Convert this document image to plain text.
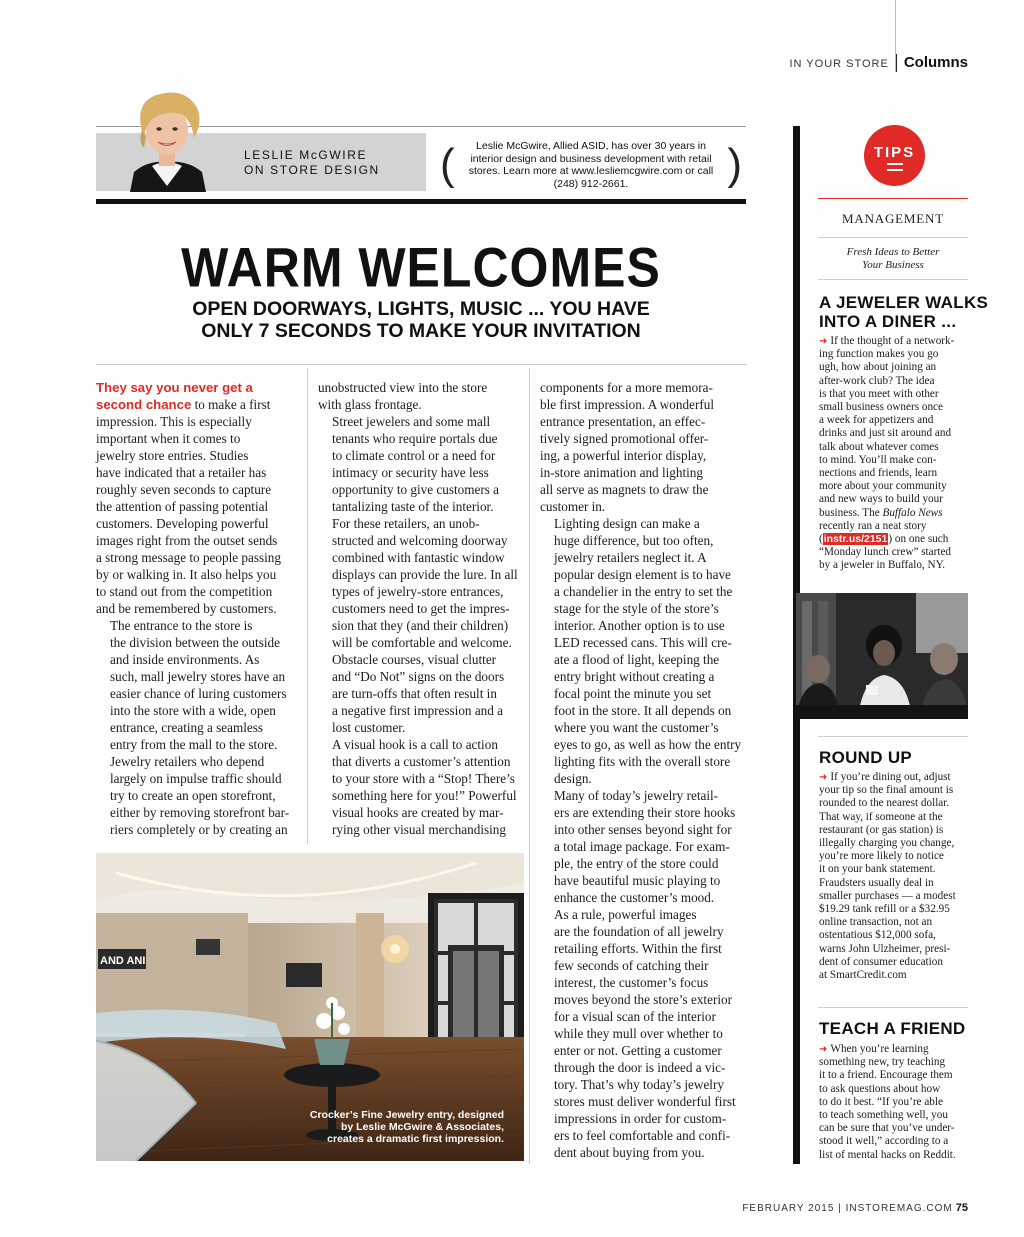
IN YOUR STORE Columns
LESLIE McGWIRE
ON STORE DESIGN (	Leslie McGwire, Allied ASID, has over 30 years in interior design and business development with retail stores. Learn more at www.lesliemcgwire.com or call (248) 912-2661.	)
WARM WELCOMES
OPEN DOORWAYS, LIGHTS, MUSIC ... YOU HAVE
ONLY 7 SECONDS TO MAKE YOUR INVITATION

They say you never get a
second chance to make a first
impression. This is especially
important when it comes to
jewelry store entries. Studies
have indicated that a retailer has
roughly seven seconds to capture
the attention of passing potential
customers. Developing powerful
images right from the outset sends
a strong message to people passing
by or walking in. It also helps you
to stand out from the competition
and be remembered by customers.

The entrance to the store is
the division between the outside
and inside environments. As
such, mall jewelry stores have an
easier chance of luring customers
into the store with a wide, open
entrance, creating a seamless
entry from the mall to the store.
Jewelry retailers who depend
largely on impulse traffic should
try to create an open storefront,
either by removing storefront bar-
riers completely or by creating an

unobstructed view into the store
with glass frontage.

Street jewelers and some mall
tenants who require portals due
to climate control or a need for
intimacy or security have less
opportunity to give customers a
tantalizing taste of the interior.
For these retailers, an unob-
structed and welcoming doorway
combined with fantastic window
displays can provide the lure. In all
types of jewelry-store entrances,
customers need to get the impres-
sion that they (and their children)
will be comfortable and welcome.
Obstacle courses, visual clutter
and “Do Not” signs on the doors
are turn-offs that often result in
a negative first impression and a
lost customer.

A visual hook is a call to action
that diverts a customer’s attention
to your store with a “Stop! There’s
something here for you!” Powerful
visual hooks are created by mar-
rying other visual merchandising

components for a more memora-
ble first impression. A wonderful
entrance presentation, an effec-
tively signed promotional offer-
ing, a powerful interior display,
in-store animation and lighting
all serve as magnets to draw the
customer in.

Lighting design can make a
huge difference, but too often,
jewelry retailers neglect it. A
popular design element is to have
a chandelier in the entry to set the
stage for the style of the store’s
interior. Another option is to use
LED recessed cans. This will cre-
ate a flood of light, keeping the
entry bright without creating a
focal point the minute you set
foot in the store. It all depends on
where you want the customer’s
eyes to go, as well as how the entry
lighting fits with the overall store
design.

Many of today’s jewelry retail-
ers are extending their store hooks
into other senses beyond sight for
a total image package. For exam-
ple, the entry of the store could
have beautiful music playing to
enhance the customer’s mood.

As a rule, powerful images
are the foundation of all jewelry
retailing efforts. Within the first
few seconds of catching their
interest, the customer’s focus
moves beyond the store’s exterior
for a visual scan of the interior
while they mull over whether to
enter or not. Getting a customer
through the door is indeed a vic-
tory. That’s why today’s jewelry
stores must deliver wonderful first
impressions in order for custom-
ers to feel comfortable and confi-
dent about buying from you.

AND ANI
Crocker’s Fine Jewelry entry, designed
by Leslie McGwire & Associates,
creates a dramatic first impression.
TIPS
MANAGEMENT
Fresh Ideas to Better
Your Business
A JEWELER WALKS
INTO A DINER ...
➜ If the thought of a network-
ing function makes you go
ugh, how about joining an
after-work club? The idea
is that you meet with other
small business owners once
a week for appetizers and
drinks and just sit around and
talk about whatever comes
to mind. You’ll make con-
nections and friends, learn
more about your community
and new ways to build your
business. The Buffalo News
recently ran a neat story
(instr.us/2151) on one such
“Monday lunch crew” started
by a jeweler in Buffalo, NY.
ROUND UP
➜ If you’re dining out, adjust
your tip so the final amount is
rounded to the nearest dollar.
That way, if someone at the
restaurant (or gas station) is
illegally charging you change,
you’re more likely to notice
it on your bank statement.
Fraudsters usually deal in
smaller purchases — a modest
$19.29 tank refill or a $32.95
online transaction, not an
ostentatious $12,000 sofa,
warns John Ulzheimer, presi-
dent of consumer education
at SmartCredit.com
TEACH A FRIEND
➜ When you’re learning
something new, try teaching
it to a friend. Encourage them
to ask questions about how
to do it best. “If you’re able
to teach something well, you
can be sure that you’ve under-
stood it well,” according to a
list of mental hacks on Reddit.
FEBRUARY 2015 | INSTOREMAG.COM 75
